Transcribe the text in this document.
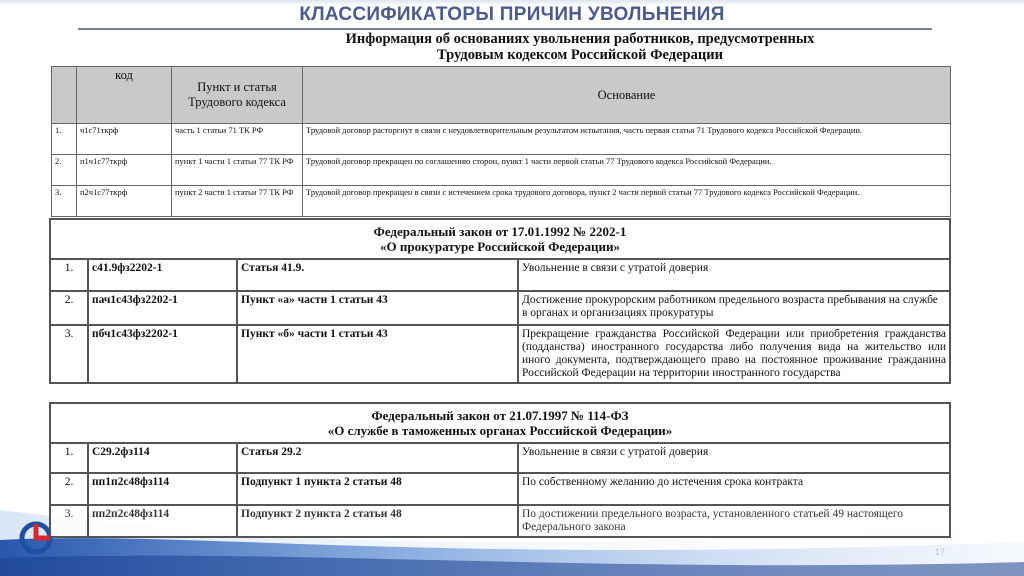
КЛАССИФИКАТОРЫ ПРИЧИН УВОЛЬНЕНИЯ
Информация об основаниях увольнения работников, предусмотренных
Трудовым кодексом Российской Федерации
17
	код	Пункт и статья Трудового кодекса	Основание
1.	ч1с71ткрф	часть 1 статьи 71 ТК РФ	Трудовой договор расторгнут в связи с неудовлетворительным результатом испытания, часть первая статья 71 Трудового кодекса Российской Федерации.
2.	п1ч1с77ткрф	пункт 1 части 1 статьи 77 ТК РФ	Трудовой договор прекращен по соглашению сторон, пункт 1 части первой статьи 77 Трудового кодекса Российской Федерации.
3.	п2ч1с77ткрф	пункт 2 части 1 статьи 77 ТК РФ	Трудовой договор прекращен в связи с истечением срока трудового договора, пункт 2 части первой статьи 77 Трудового кодекса Российской Федерации.
Федеральный закон от 17.01.1992 № 2202-1
«О прокуратуре Российской Федерации»			

1.	с41.9фз2202-1	Статья 41.9.	Увольнение в связи с утратой доверия
2.	пач1с43фз2202-1	Пункт «а» части 1 статьи 43	Достижение прокурорским работником предельного возраста пребывания на службе в органах и организациях прокуратуры
3.	пбч1с43фз2202-1	Пункт «б» части 1 статьи 43	Прекращение гражданства Российской Федерации или приобретения гражданства (подданства) иностранного государства либо получения вида на жительство или иного документа, подтверждающего право на постоянное проживание гражданина Российской Федерации на территории иностранного государства
Федеральный закон от 21.07.1997 № 114-ФЗ
«О службе в таможенных органах Российской Федерации»			

1.	С29.2фз114	Статья 29.2	Увольнение в связи с утратой доверия
2.	пп1п2с48фз114	Подпункт 1 пункта 2 статьи 48	По собственному желанию до истечения срока контракта
3.	пп2п2с48фз114	Подпункт 2 пункта 2 статьи 48	По достижении предельного возраста, установленного статьей 49 настоящего Федерального закона
